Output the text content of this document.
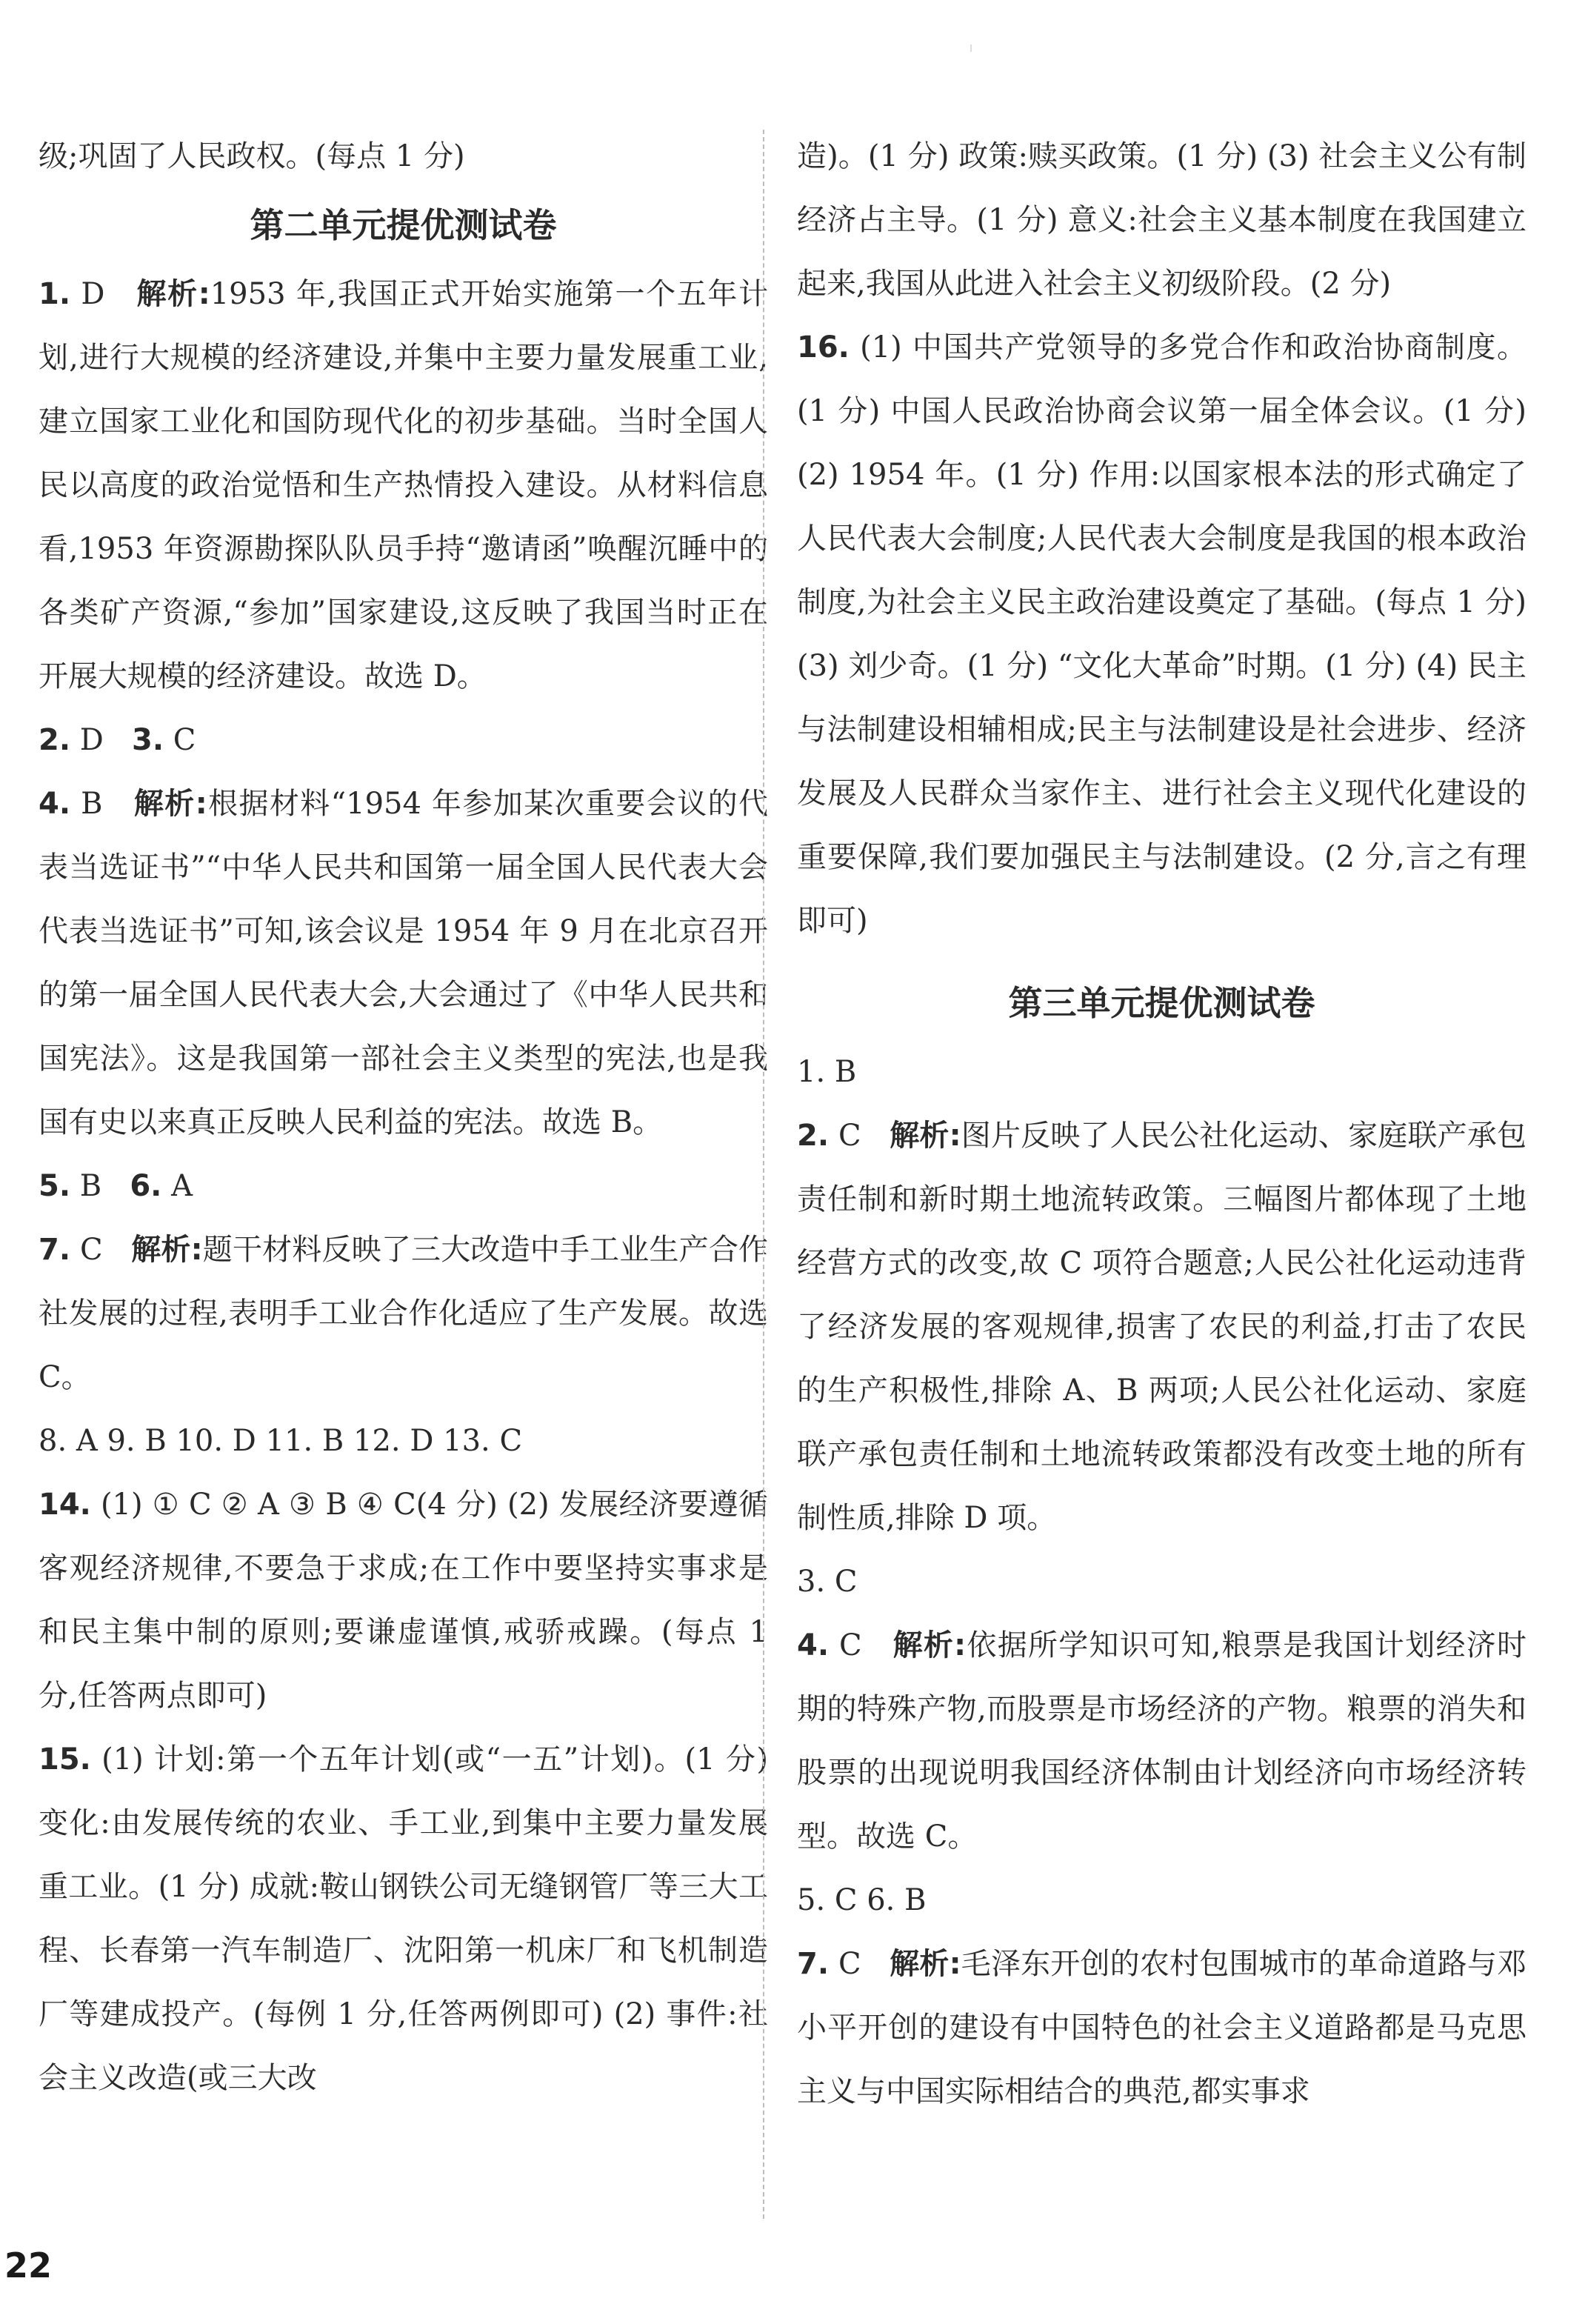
级;巩固了人民政权。(每点 1 分)

第二单元提优测试卷

1. D 解析:1953 年,我国正式开始实施第一个五年计划,进行大规模的经济建设,并集中主要力量发展重工业,建立国家工业化和国防现代化的初步基础。当时全国人民以高度的政治觉悟和生产热情投入建设。从材料信息看,1953 年资源勘探队队员手持“邀请函”唤醒沉睡中的各类矿产资源,“参加”国家建设,这反映了我国当时正在开展大规模的经济建设。故选 D。

2. D 3. C

4. B 解析:根据材料“1954 年参加某次重要会议的代表当选证书”“中华人民共和国第一届全国人民代表大会代表当选证书”可知,该会议是 1954 年 9 月在北京召开的第一届全国人民代表大会,大会通过了《中华人民共和国宪法》。这是我国第一部社会主义类型的宪法,也是我国有史以来真正反映人民利益的宪法。故选 B。

5. B 6. A

7. C 解析:题干材料反映了三大改造中手工业生产合作社发展的过程,表明手工业合作化适应了生产发展。故选 C。

8. A 9. B 10. D 11. B 12. D 13. C

14. (1) ① C ② A ③ B ④ C(4 分) (2) 发展经济要遵循客观经济规律,不要急于求成;在工作中要坚持实事求是和民主集中制的原则;要谦虚谨慎,戒骄戒躁。(每点 1 分,任答两点即可)

15. (1) 计划:第一个五年计划(或“一五”计划)。(1 分) 变化:由发展传统的农业、手工业,到集中主要力量发展重工业。(1 分) 成就:鞍山钢铁公司无缝钢管厂等三大工程、长春第一汽车制造厂、沈阳第一机床厂和飞机制造厂等建成投产。(每例 1 分,任答两例即可) (2) 事件:社会主义改造(或三大改

造)。(1 分) 政策:赎买政策。(1 分) (3) 社会主义公有制经济占主导。(1 分) 意义:社会主义基本制度在我国建立起来,我国从此进入社会主义初级阶段。(2 分)

16. (1) 中国共产党领导的多党合作和政治协商制度。(1 分) 中国人民政治协商会议第一届全体会议。(1 分) (2) 1954 年。(1 分) 作用:以国家根本法的形式确定了人民代表大会制度;人民代表大会制度是我国的根本政治制度,为社会主义民主政治建设奠定了基础。(每点 1 分) (3) 刘少奇。(1 分) “文化大革命”时期。(1 分) (4) 民主与法制建设相辅相成;民主与法制建设是社会进步、经济发展及人民群众当家作主、进行社会主义现代化建设的重要保障,我们要加强民主与法制建设。(2 分,言之有理即可)

第三单元提优测试卷

1. B

2. C 解析:图片反映了人民公社化运动、家庭联产承包责任制和新时期土地流转政策。三幅图片都体现了土地经营方式的改变,故 C 项符合题意;人民公社化运动违背了经济发展的客观规律,损害了农民的利益,打击了农民的生产积极性,排除 A、B 两项;人民公社化运动、家庭联产承包责任制和土地流转政策都没有改变土地的所有制性质,排除 D 项。

3. C

4. C 解析:依据所学知识可知,粮票是我国计划经济时期的特殊产物,而股票是市场经济的产物。粮票的消失和股票的出现说明我国经济体制由计划经济向市场经济转型。故选 C。

5. C 6. B

7. C 解析:毛泽东开创的农村包围城市的革命道路与邓小平开创的建设有中国特色的社会主义道路都是马克思主义与中国实际相结合的典范,都实事求

22
